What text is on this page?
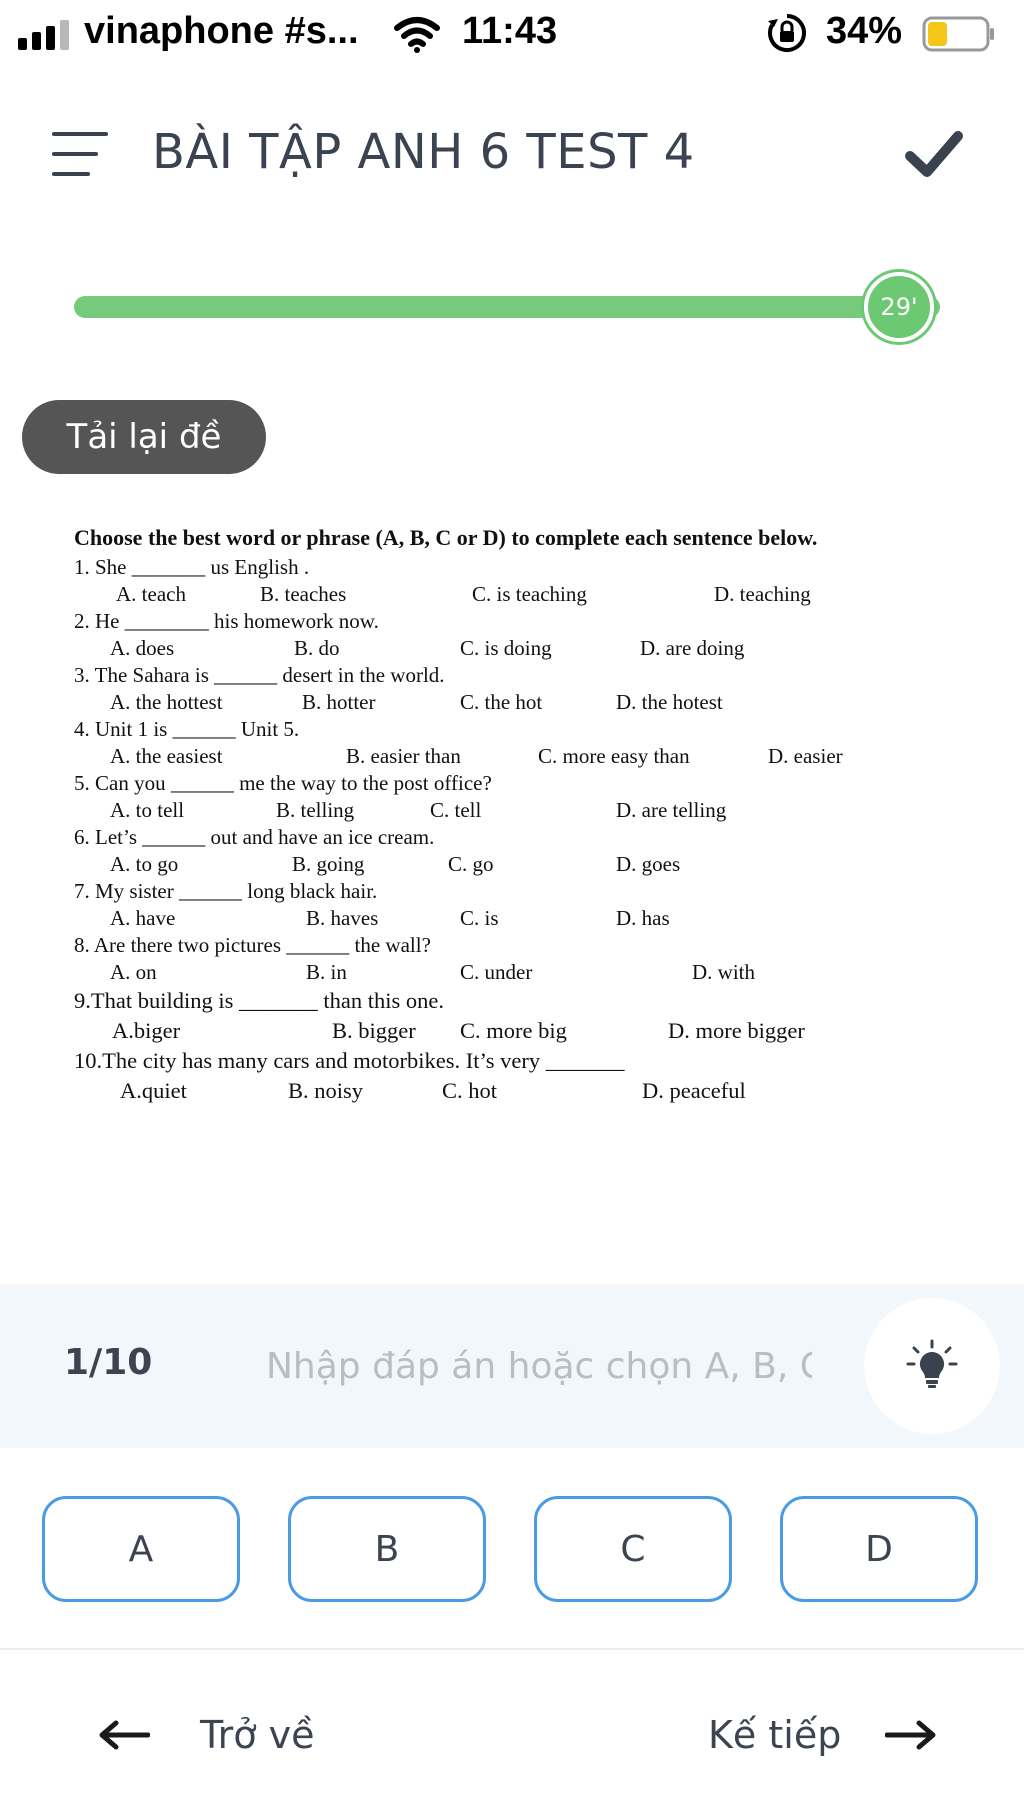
vinaphone #s...	11:43	34%
BÀI TẬP ANH 6 TEST 4
29'
Tải lại đề
Choose the best word or phrase (A, B, C or D) to complete each sentence below.
1. She _______ us English .
A. teach	B. teaches	C. is teaching	D. teaching
2. He ________ his homework now.
A. does	B. do	C. is doing	D. are doing
3. The Sahara is ______ desert in the world.
A. the hottest	B. hotter	C. the hot	D. the hotest
4. Unit 1 is ______ Unit 5.
A. the easiest	B. easier than	C. more easy than	D. easier
5. Can you ______ me the way to the post office?
A. to tell	B. telling	C. tell	D. are telling
6. Let’s ______ out and have an ice cream.
A. to go	B. going	C. go	D. goes
7. My sister ______ long black hair.
A. have	B. haves	C. is	D. has
8. Are there two pictures ______ the wall?
A. on	B. in	C. under	D. with
9.That building is _______ than this one.
A.biger	B. bigger C. more big	D. more bigger
10.The city has many cars and motorbikes. It’s very _______
A.quiet	B. noisy	C. hot	D. peaceful
1/10
Nhập đáp án hoặc chọn A, B, C
A	B	C	D
Trở về	Kế tiếp
